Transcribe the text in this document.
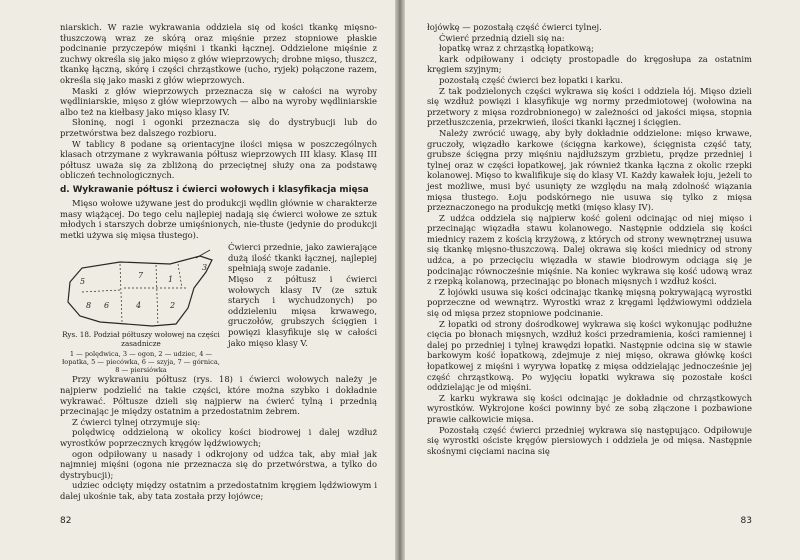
niarskich. W razie wykrawania oddziela się od kości tkankę mięsno-tłuszczową wraz ze skórą oraz mięśnie przez stopniowe płaskie podcinanie przyczepów mięśni i tkanki łącznej. Oddzielone mięśnie z zuchwy określa się jako mięso z głów wieprzowych; drobne mięso, tłuszcz, tkankę łączną, skórę i części chrząstkowe (ucho, ryjek) połączone razem, określa się jako maski z głów wieprzowych.

Maski z głów wieprzowych przeznacza się w całości na wyroby wędliniarskie, mięso z głów wieprzowych — albo na wyroby wędliniarskie albo też na kiełbasy jako mięso klasy IV.

Słoninę, nogi i ogonki przeznacza się do dystrybucji lub do przetwórstwa bez dalszego rozbioru.

W tablicy 8 podane są orientacyjne ilości mięsa w poszczególnych klasach otrzymane z wykrawania półtusz wieprzowych III klasy. Klasę III półtusz uważa się za zbliżoną do przeciętnej służy ona za podstawę obliczeń technologicznych.

d. Wykrawanie półtusz i ćwierci wołowych i klasyfikacja mięsa

Mięso wołowe używane jest do produkcji wędlin głównie w charakterze masy wiążącej. Do tego celu najlepiej nadają się ćwierci wołowe ze sztuk młodych i starszych dobrze umięśnionych, nie-tłuste (jedynie do produkcji metki używa się mięsa tłustego).

1
2
3
4
5
6
7
8
Rys. 18. Podział półtuszy wołowej na części zasadnicze
1 — polędwica, 3 — ogon, 2 — udziec, 4 — łopatka, 5 — piecówka, 6 — szyja, 7 — górnica, 8 — piersiówka

Ćwierci przednie, jako zawierające dużą ilość tkanki łącznej, najlepiej spełniają swoje zadanie.

Mięso z półtusz i ćwierci wołowych klasy IV (ze sztuk starych i wychudzonych) po oddzieleniu mięsa krwawego, gruczołów, grubszych ścięgien i powięzi klasyfikuje się w całości jako mięso klasy V.

Przy wykrawaniu półtusz (rys. 18) i ćwierci wołowych należy je najpierw podzielić na takie części, które można szybko i dokładnie wykrawać. Półtusze dzieli się najpierw na ćwierć tylną i przednią przecinając je między ostatnim a przedostatnim żebrem.

Z ćwierci tylnej otrzymuje się:

polędwicę oddzieloną w okolicy kości biodrowej i dalej wzdłuż wyrostków poprzecznych kręgów lędźwiowych;

ogon odpiłowany u nasady i odkrojony od udźca tak, aby miał jak najmniej mięśni (ogona nie przeznacza się do przetwórstwa, a tylko do dystrybucji);

udziec odcięty między ostatnim a przedostatnim kręgiem lędźwiowym i dalej ukośnie tak, aby tata została przy łojówce;

82

łojówkę — pozostałą część ćwierci tylnej.

Ćwierć przednią dzieli się na:

łopatkę wraz z chrząstką łopatkową;

kark odpiłowany i odcięty prostopadle do kręgosłupa za ostatnim kręgiem szyjnym;

pozostałą część ćwierci bez łopatki i karku.

Z tak podzielonych części wykrawa się kości i oddziela łój. Mięso dzieli się wzdłuż powięzi i klasyfikuje wg normy przedmiotowej (wołowina na przetwory z mięsa rozdrobnionego) w zależności od jakości mięsa, stopnia przetłuszczenia, przekrwień, ilości tkanki łącznej i ścięgien.

Należy zwrócić uwagę, aby były dokładnie oddzielone: mięso krwawe, gruczoły, więzadło karkowe (ścięgna karkowe), ścięgnista część taty, grubsze ścięgna przy mięśniu najdłuższym grzbietu, prędze przedniej i tylnej oraz w części łopatkowej, jak również tkanka łączna z okolic rzepki kolanowej. Mięso to kwalifikuje się do klasy VI. Każdy kawałek łoju, jeżeli to jest możliwe, musi być usunięty ze względu na małą zdolność wiązania mięsa tłustego. Łoju podskórnego nie usuwa się tylko z mięsa przeznaczonego na produkcję metki (mięso klasy IV).

Z udźca oddziela się najpierw kość goleni odcinając od niej mięso i przecinając więzadła stawu kolanowego. Następnie oddziela się kości miednicy razem z kością krzyżową, z których od strony wewnętrznej usuwa się tkankę mięsno-tłuszczową. Dalej okrawa się kości miednicy od strony udźca, a po przecięciu więzadła w stawie biodrowym odciąga się je podcinając równocześnie mięśnie. Na koniec wykrawa się kość udową wraz z rzepką kolanową, przecinając po błonach mięsnych i wzdłuż kości.

Z łojówki usuwa się kości odcinając tkankę mięsną pokrywającą wyrostki poprzeczne od wewnątrz. Wyrostki wraz z kręgami lędźwiowymi oddziela się od mięsa przez stopniowe podcinanie.

Z łopatki od strony dośrodkowej wykrawa się kości wykonując podłużne cięcia po błonach mięsnych, wzdłuż kości przedramienia, kości ramiennej i dalej po przedniej i tylnej krawędzi łopatki. Następnie odcina się w stawie barkowym kość łopatkową, zdejmuje z niej mięso, okrawa główkę kości łopatkowej z mięśni i wyrywa łopatkę z mięsa oddzielając jednocześnie jej część chrząstkową. Po wyjęciu łopatki wykrawa się pozostałe kości oddzielając je od mięśni.

Z karku wykrawa się kości odcinając je dokładnie od chrząstkowych wyrostków. Wykrojone kości powinny być ze sobą złączone i pozbawione prawie całkowicie mięsa.

Pozostałą część ćwierci przedniej wykrawa się następująco. Odpiłowuje się wyrostki ościste kręgów piersiowych i oddziela je od mięsa. Następnie skośnymi cięciami nacina się

83
